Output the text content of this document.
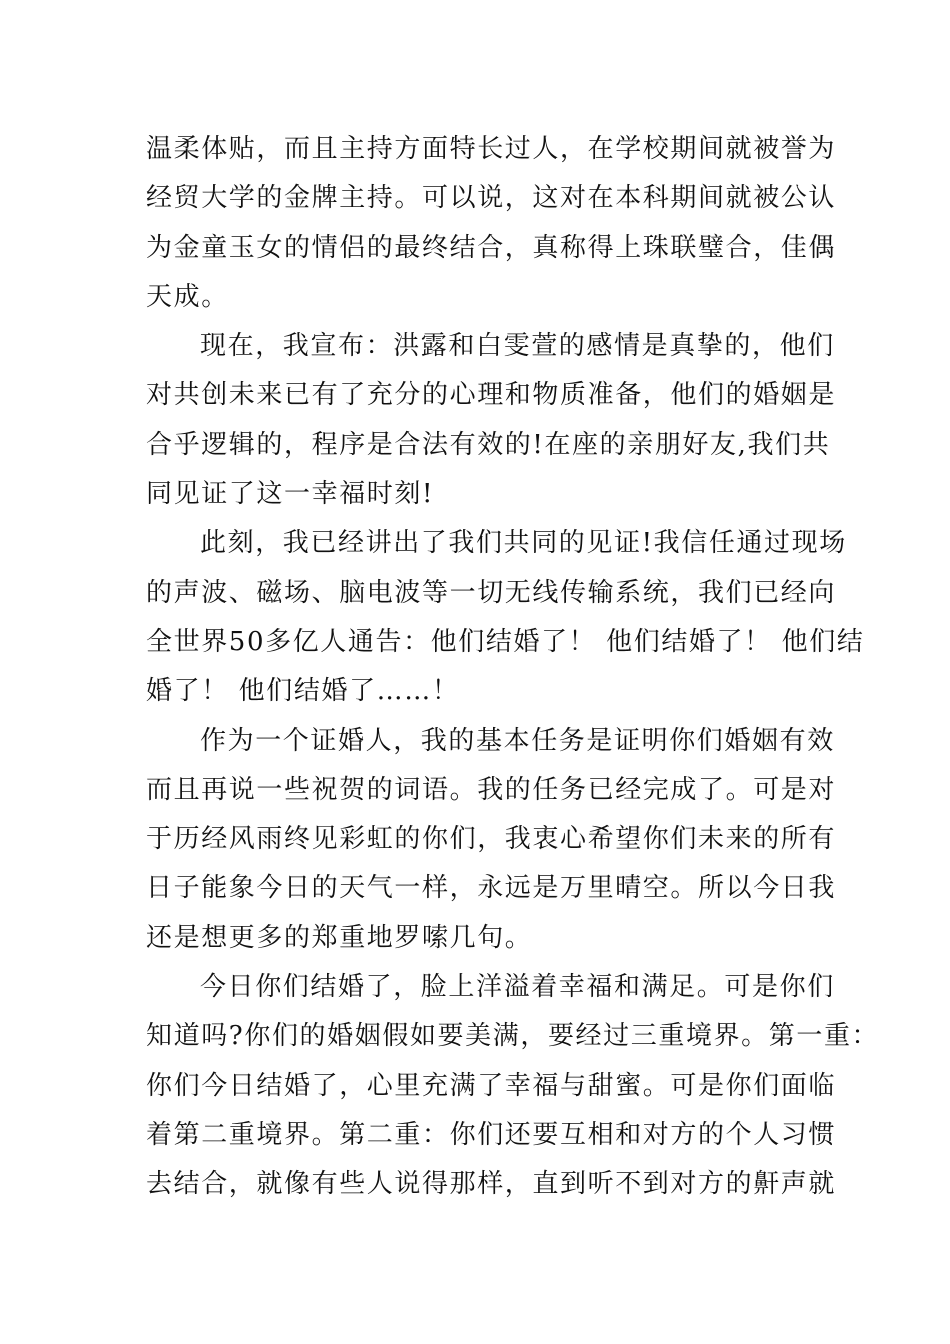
温柔体贴，而且主持方面特长过人，在学校期间就被誉为
经贸大学的金牌主持。可以说，这对在本科期间就被公认
为金童玉女的情侣的最终结合，真称得上珠联璧合，佳偶
天成。
现在，我宣布：洪露和白雯萱的感情是真挚的，他们
对共创未来已有了充分的心理和物质准备，他们的婚姻是
合乎逻辑的，程序是合法有效的!在座的亲朋好友,我们共
同见证了这一幸福时刻!
此刻，我已经讲出了我们共同的见证!我信任通过现场
的声波、磁场、脑电波等一切无线传输系统，我们已经向
全世界50多亿人通告：他们结婚了！ 他们结婚了！ 他们结
婚了！ 他们结婚了……！
作为一个证婚人，我的基本任务是证明你们婚姻有效
而且再说一些祝贺的词语。我的任务已经完成了。可是对
于历经风雨终见彩虹的你们，我衷心希望你们未来的所有
日子能象今日的天气一样，永远是万里晴空。所以今日我
还是想更多的郑重地罗嗦几句。
今日你们结婚了，脸上洋溢着幸福和满足。可是你们
知道吗?你们的婚姻假如要美满，要经过三重境界。第一重：
你们今日结婚了，心里充满了幸福与甜蜜。可是你们面临
着第二重境界。第二重：你们还要互相和对方的个人习惯
去结合，就像有些人说得那样，直到听不到对方的鼾声就
